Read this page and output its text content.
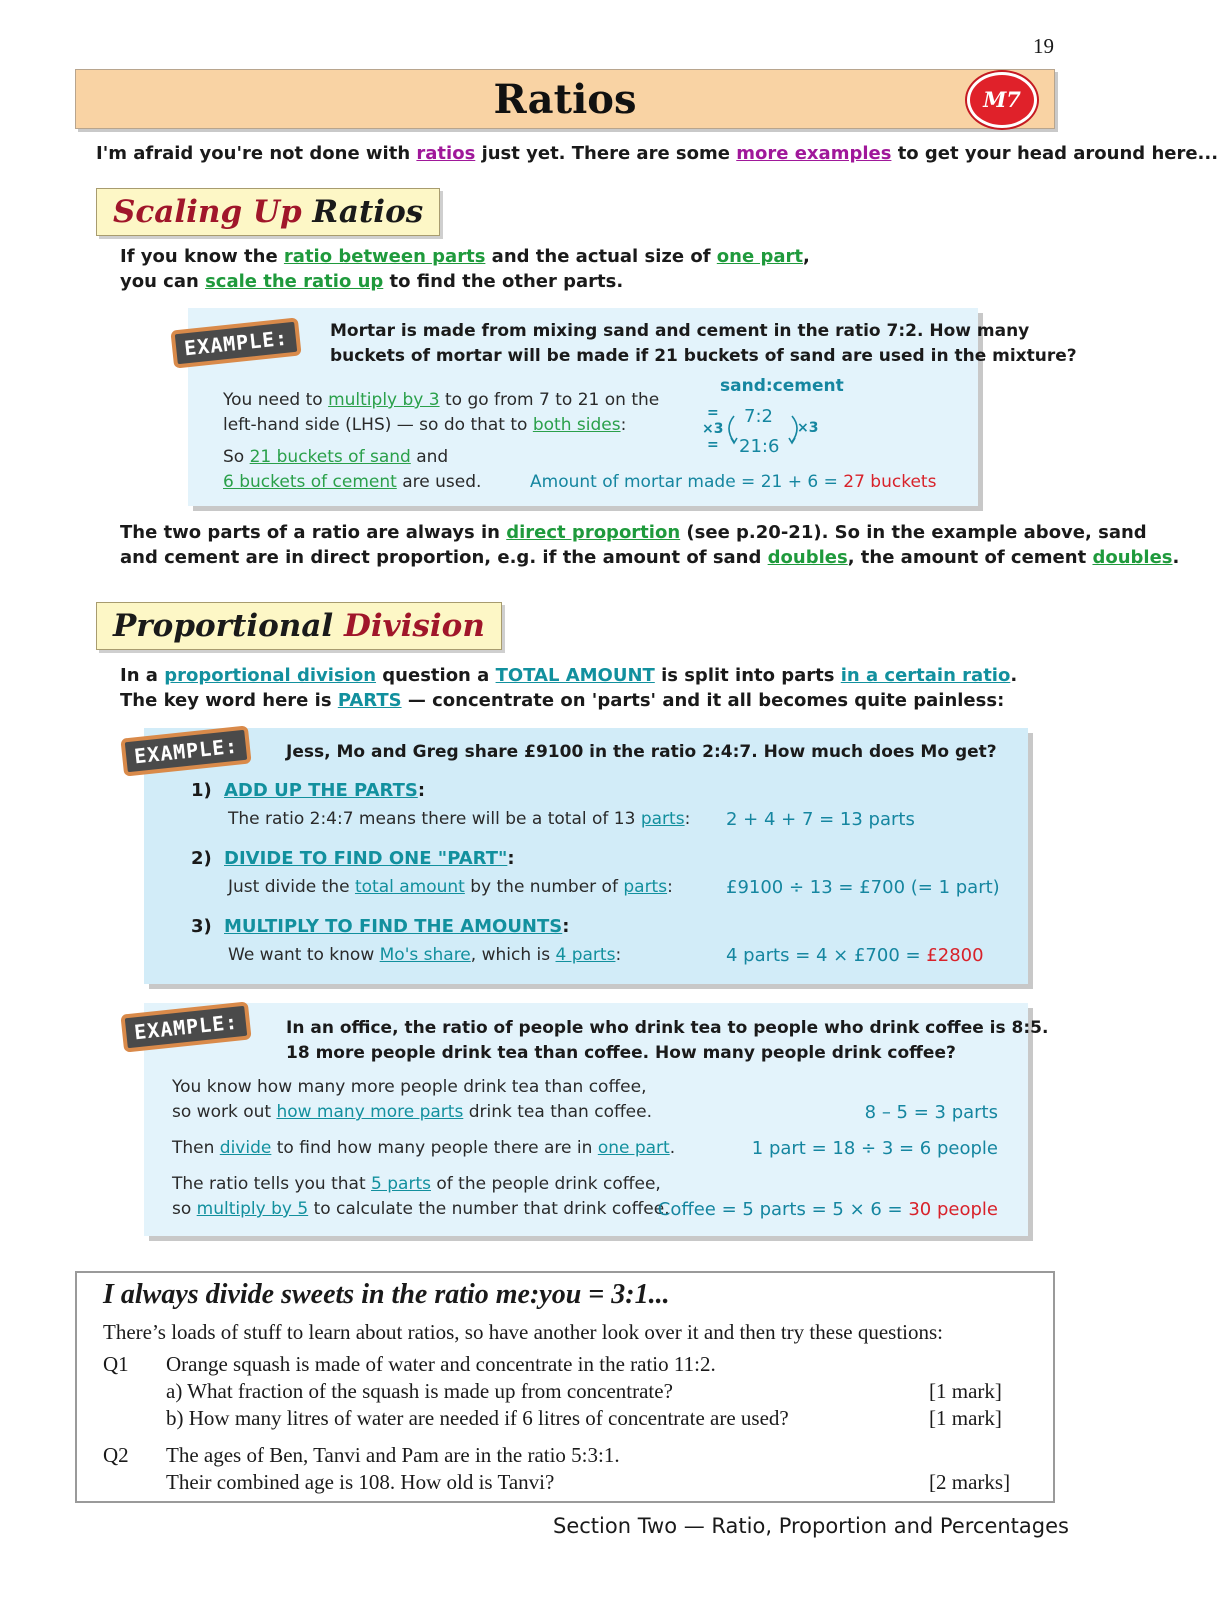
19
Ratios	M7
I'm afraid you're not done with ratios just yet. There are some more examples to get your head around here...
Scaling Up Ratios
If you know the ratio between parts and the actual size of one part,
you can scale the ratio up to find the other parts.
EXAMPLE:	Mortar is made from mixing sand and cement in the ratio 7:2. How many
buckets of mortar will be made if 21 buckets of sand are used in the mixture?
You need to multiply by 3 to go from 7 to 21 on the
left-hand side (LHS) — so do that to both sides:
So 21 buckets of sand and
6 buckets of cement are used.
sand:cement
7:2
21:6
=
×3
=
×3
Amount of mortar made = 21 + 6 = 27 buckets
The two parts of a ratio are always in direct proportion (see p.20-21). So in the example above, sand
and cement are in direct proportion, e.g. if the amount of sand doubles, the amount of cement doubles.
Proportional Division
In a proportional division question a TOTAL AMOUNT is split into parts in a certain ratio.
The key word here is PARTS — concentrate on 'parts' and it all becomes quite painless:
EXAMPLE:	Jess, Mo and Greg share £9100 in the ratio 2:4:7. How much does Mo get?
1) ADD UP THE PARTS:
The ratio 2:4:7 means there will be a total of 13 parts: 2 + 4 + 7 = 13 parts
2) DIVIDE TO FIND ONE "PART":
Just divide the total amount by the number of parts:	£9100 ÷ 13 = £700 (= 1 part)
3) MULTIPLY TO FIND THE AMOUNTS:
We want to know Mo's share, which is 4 parts:	4 parts = 4 × £700 = £2800
EXAMPLE:	In an office, the ratio of people who drink tea to people who drink coffee is 8:5.
18 more people drink tea than coffee. How many people drink coffee?
You know how many more people drink tea than coffee,
so work out how many more parts drink tea than coffee.	8 – 5 = 3 parts
Then divide to find how many people there are in one part.	1 part = 18 ÷ 3 = 6 people
The ratio tells you that 5 parts of the people drink coffee,
so multiply by 5 to calculate the number that drink coffee.
Coffee = 5 parts = 5 × 6 = 30 people
I always divide sweets in the ratio me:you = 3:1...
There’s loads of stuff to learn about ratios, so have another look over it and then try these questions:
Q1 Orange squash is made of water and concentrate in the ratio 11:2.
a) What fraction of the squash is made up from concentrate?	[1 mark]
b) How many litres of water are needed if 6 litres of concentrate are used?	[1 mark]
Q2 The ages of Ben, Tanvi and Pam are in the ratio 5:3:1.
Their combined age is 108. How old is Tanvi?	[2 marks]
Section Two — Ratio, Proportion and Percentages
